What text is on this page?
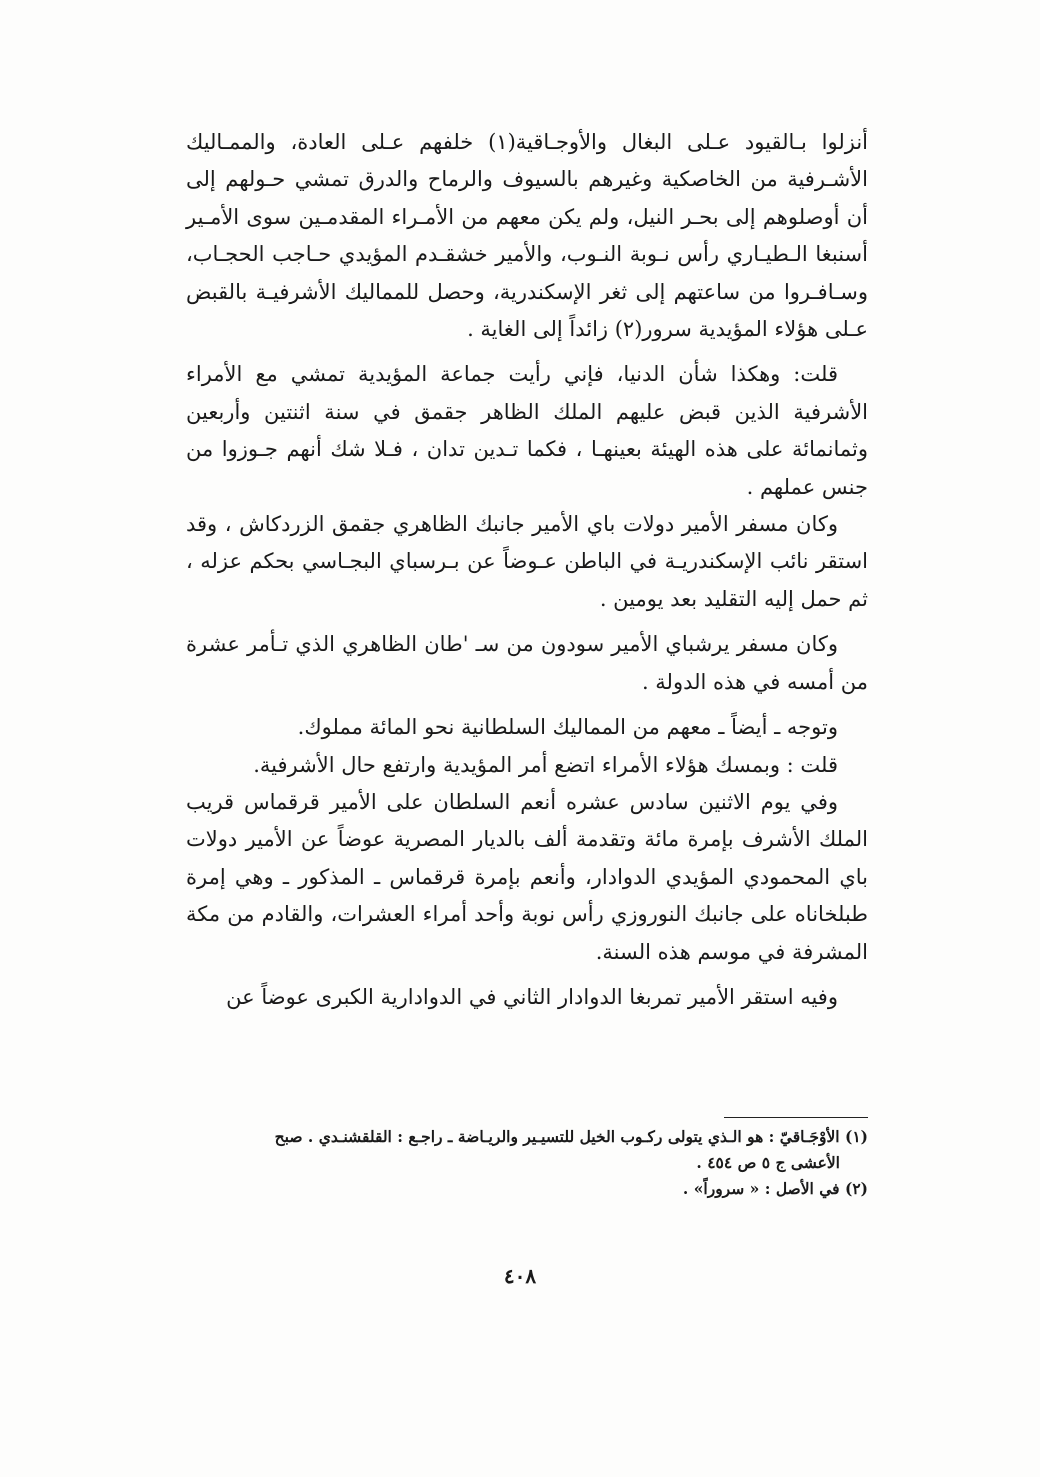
أنزلوا بـالقيود عـلى البغال والأوجـاقية(١) خلفهم عـلى العادة، والممـاليك الأشـرفية من الخاصكية وغيرهم بالسيوف والرماح والدرق تمشي حـولهم إلى أن أوصلوهم إلى بحـر النيل، ولم يكن معهم من الأمـراء المقدمـين سوى الأمـير أسنبغا الـطيـاري رأس نـوبة النـوب، والأمير خشقـدم المؤيدي حـاجب الحجـاب، وسـافـروا من ساعتهم إلى ثغر الإسكندرية، وحصل للمماليك الأشرفيـة بالقبض عـلى هؤلاء المؤيدية سرور(٢) زائداً إلى الغاية .

قلت: وهكذا شأن الدنيا، فإني رأيت جماعة المؤيدية تمشي مع الأمراء الأشرفية الذين قبض عليهم الملك الظاهر جقمق في سنة اثنتين وأربعين وثمانمائة على هذه الهيئة بعينهـا ، فكما تـدين تدان ، فـلا شك أنهم جـوزوا من جنس عملهم .

وكان مسفر الأمير دولات باي الأمير جانبك الظاهري جقمق الزردكاش ، وقد استقر نائب الإسكندريـة في الباطن عـوضاً عن بـرسباي البجـاسي بحكم عزله ، ثم حمل إليه التقليد بعد يومين .

وكان مسفر يرشباي الأمير سودون من سـ 'طان الظاهري الذي تـأمر عشرة من أمسه في هذه الدولة .

وتوجه ـ أيضاً ـ معهم من المماليك السلطانية نحو المائة مملوك.

قلت : وبمسك هؤلاء الأمراء اتضع أمر المؤيدية وارتفع حال الأشرفية.

وفي يوم الاثنين سادس عشره أنعم السلطان على الأمير قرقماس قريب الملك الأشرف بإمرة مائة وتقدمة ألف بالديار المصرية عوضاً عن الأمير دولات باي المحمودي المؤيدي الدوادار، وأنعم بإمرة قرقماس ـ المذكور ـ وهي إمرة طبلخاناه على جانبك النوروزي رأس نوبة وأحد أمراء العشرات، والقادم من مكة المشرفة في موسم هذه السنة.

وفيه استقر الأمير تمربغا الدوادار الثاني في الدوادارية الكبرى عوضاً عن

(١) الأوْجَـاقيّ : هو الـذي يتولى ركـوب الخيل للتسيـير والريـاضة ـ راجـع : القلقشنـدي . صبح

الأعشى ج ٥ ص ٤٥٤ .

(٢) في الأصل : « سروراً» .

٤٠٨
